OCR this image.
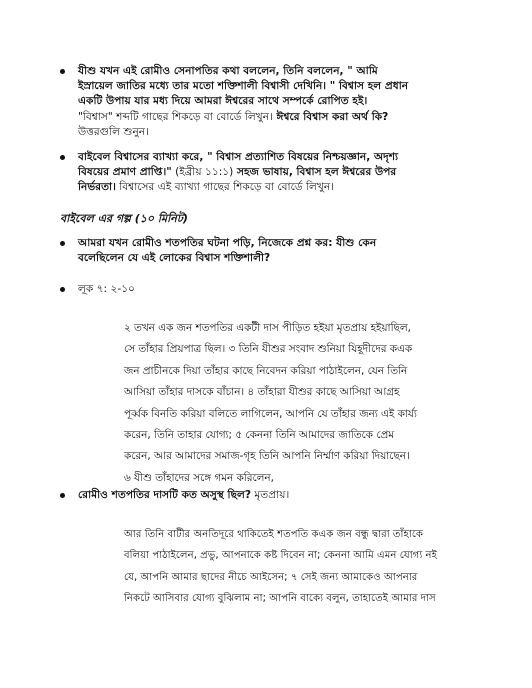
যীশু যখন এই রোমীও সেনাপতির কথা বললেন, তিনি বললেন, " আমি
ইস্রায়েল জাতির মধ্যে তার মতো শক্তিশালী বিশ্বাসী দেখিনি। " বিশ্বাস হল প্রধান
একটি উপায় যার মধ্য দিয়ে আমরা ঈশ্বরের সাথে সম্পর্কে রোপিত হই।
"বিশ্বাস" শব্দটি গাছের শিকড়ে বা বোর্ডে লিখুন। ঈশ্বরে বিশ্বাস করা অর্থ কি?
উত্তরগুলি শুনুন।
বাইবেল বিশ্বাসের ব্যাখ্যা করে, " বিশ্বাস প্রত্যাশিত বিষয়ের নিশ্চয়জ্ঞান, অদৃশ্য
বিষয়ের প্রমাণ প্রাপ্তি।" (ইব্রীয় ১১:১) সহজ ভাষায়, বিশ্বাস হল ঈশ্বরের উপর
নির্ভরতা। বিশ্বাসের এই ব্যাখ্যা গাছের শিকড়ে বা বোর্ডে লিখুন।
বাইবেল এর গল্প (১০ মিনিট)
আমরা যখন রোমীও শতপতির ঘটনা পড়ি, নিজেকে প্রশ্ন কর: যীশু কেন
বলেছিলেন যে এই লোকের বিশ্বাস শক্তিশালী?
লূক ৭: ২-১০
২ তখন এক জন শতপতির একটী দাস পীড়িত হইয়া মৃতপ্রায় হইয়াছিল,
সে তাঁহার প্রিয়পাত্র ছিল। ৩ তিনি যীশুর সংবাদ শুনিয়া যিহূদীদের কএক
জন প্রাচীনকে দিয়া তাঁহার কাছে নিবেদন করিয়া পাঠাইলেন, যেন তিনি
আসিয়া তাঁহার দাসকে বাঁচান। ৪ তাঁহারা যীশুর কাছে আসিয়া আগ্রহ
পূর্ব্বক বিনতি করিয়া বলিতে লাগিলেন, আপনি যে তাঁহার জন্য এই কার্য্য
করেন, তিনি তাহার যোগ্য; ৫ কেননা তিনি আমাদের জাতিকে প্রেম
করেন, আর আমাদের সমাজ-গৃহ তিনি আপনি নির্ম্মাণ করিয়া দিয়াছেন।
৬ যীশু তাঁহাদের সঙ্গে গমন করিলেন,
রোমীও শতপতির দাসটি কত অসুস্থ ছিল? মৃতপ্রায়।
আর তিনি বাটীর অনতিদূরে থাকিতেই শতপতি কএক জন বন্ধু দ্বারা তাঁহাকে
বলিয়া পাঠাইলেন, প্রভু, আপনাকে কষ্ট দিবেন না; কেননা আমি এমন যোগ্য নই
যে, আপনি আমার ছাদের নীচে আইসেন; ৭ সেই জন্য আমাকেও আপনার
নিকটে আসিবার যোগ্য বুঝিলাম না; আপনি বাক্যে বলুন, তাহাতেই আমার দাস
